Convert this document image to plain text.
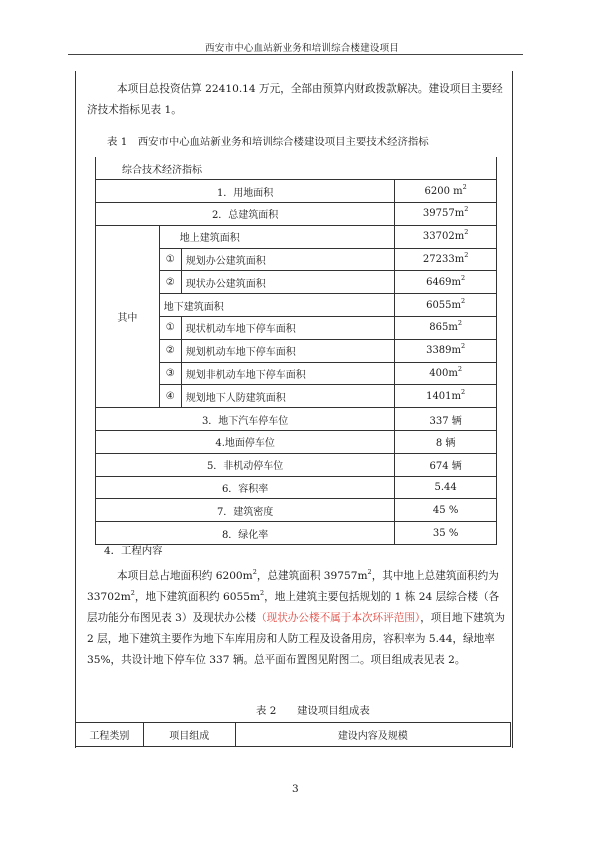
西安市中心血站新业务和培训综合楼建设项目
本项目总投资估算 22410.14 万元，全部由预算内财政拨款解决。建设项目主要经济技术指标见表 1。
表 1　西安市中心血站新业务和培训综合楼建设项目主要技术经济指标
综合技术经济指标			
1．用地面积			6200 $m^2$
2．总建筑面积			$39757m^2$
其中	地上建筑面积		$33702m^2$
	①	规划办公建筑面积	$27233m^2$
	②	现状办公建筑面积	$6469m^2$
	地下建筑面积		$6055m^2$
	①	现状机动车地下停车面积	$865m^2$
	②	规划机动车地下停车面积	$3389m^2$
	③	规划非机动车地下停车面积	$400m^2$
	④	规划地下人防建筑面积	$1401m^2$
3．地下汽车停车位			337 辆
4.地面停车位			8 辆
5．非机动停车位			674 辆
6．容积率			5.44
7．建筑密度			45 %
8．绿化率			35 %
4．工程内容
本项目总占地面积约 $6200m^2$，总建筑面积 $39757m^2$，其中地上总建筑面积约为 $33702m^2$，地下建筑面积约 $6055m^2$，地上建筑主要包括规划的 1 栋 24 层综合楼（各层功能分布图见表 3）及现状办公楼（现状办公楼不属于本次环评范围），项目地下建筑为 2 层，地下建筑主要作为地下车库用房和人防工程及设备用房，容积率为 5.44，绿地率 35%，共设计地下停车位 337 辆。总平面布置图见附图二。项目组成表见表 2。
表 2　　建设项目组成表
工程类别	项目组成	建设内容及规模
3
